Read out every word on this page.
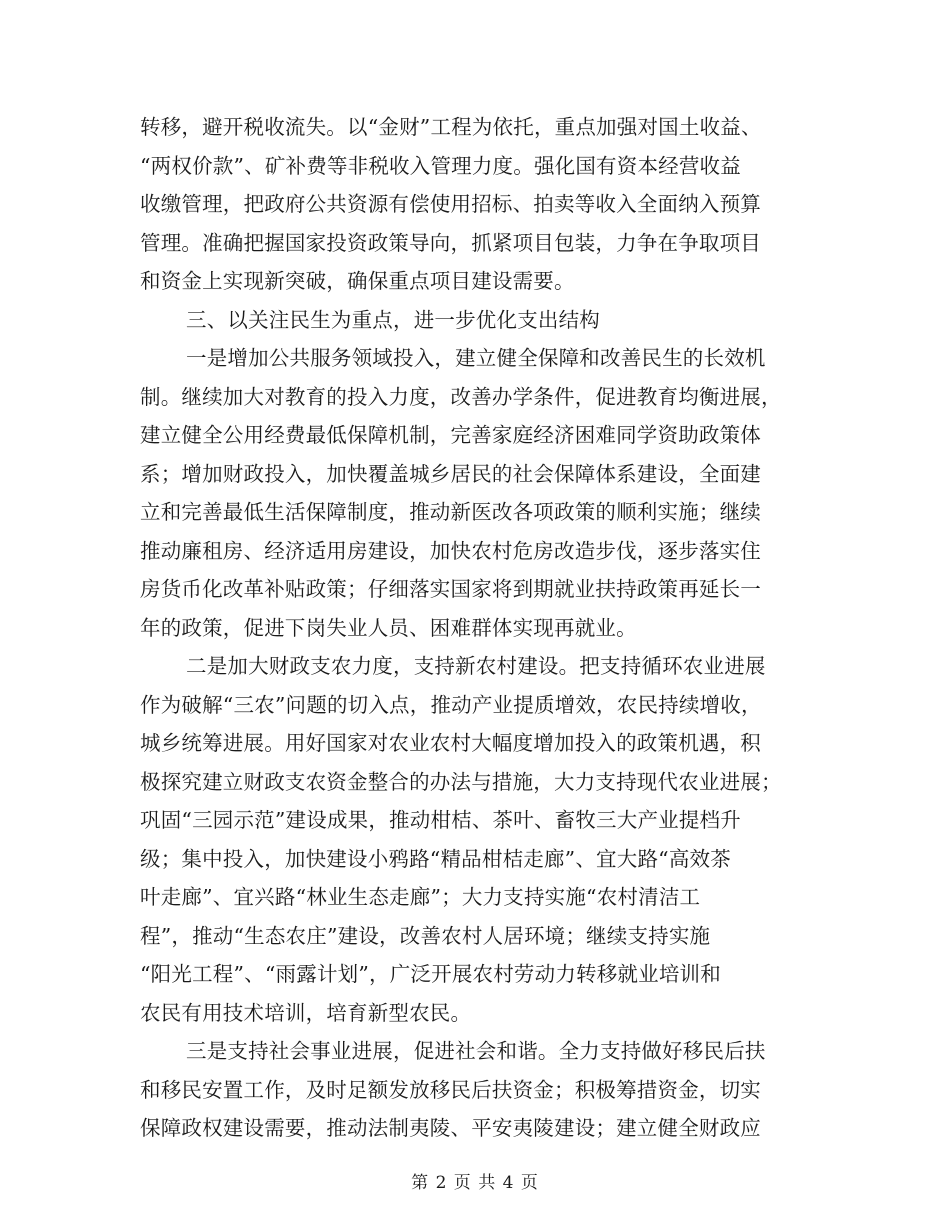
转移，避开税收流失。以“金财”工程为依托，重点加强对国土收益、
“两权价款”、矿补费等非税收入管理力度。强化国有资本经营收益
收缴管理，把政府公共资源有偿使用招标、拍卖等收入全面纳入预算
管理。准确把握国家投资政策导向，抓紧项目包装，力争在争取项目
和资金上实现新突破，确保重点项目建设需要。
三、以关注民生为重点，进一步优化支出结构
一是增加公共服务领域投入，建立健全保障和改善民生的长效机
制。继续加大对教育的投入力度，改善办学条件，促进教育均衡进展，
建立健全公用经费最低保障机制，完善家庭经济困难同学资助政策体
系；增加财政投入，加快覆盖城乡居民的社会保障体系建设，全面建
立和完善最低生活保障制度，推动新医改各项政策的顺利实施；继续
推动廉租房、经济适用房建设，加快农村危房改造步伐，逐步落实住
房货币化改革补贴政策；仔细落实国家将到期就业扶持政策再延长一
年的政策，促进下岗失业人员、困难群体实现再就业。
二是加大财政支农力度，支持新农村建设。把支持循环农业进展
作为破解“三农”问题的切入点，推动产业提质增效，农民持续增收，
城乡统筹进展。用好国家对农业农村大幅度增加投入的政策机遇，积
极探究建立财政支农资金整合的办法与措施，大力支持现代农业进展；
巩固“三园示范”建设成果，推动柑桔、茶叶、畜牧三大产业提档升
级；集中投入，加快建设小鸦路“精品柑桔走廊”、宜大路“高效茶
叶走廊”、宜兴路“林业生态走廊”；大力支持实施“农村清洁工
程”，推动“生态农庄”建设，改善农村人居环境；继续支持实施
“阳光工程”、“雨露计划”，广泛开展农村劳动力转移就业培训和
农民有用技术培训，培育新型农民。
三是支持社会事业进展，促进社会和谐。全力支持做好移民后扶
和移民安置工作，及时足额发放移民后扶资金；积极筹措资金，切实
保障政权建设需要，推动法制夷陵、平安夷陵建设；建立健全财政应
第 2 页 共 4 页
